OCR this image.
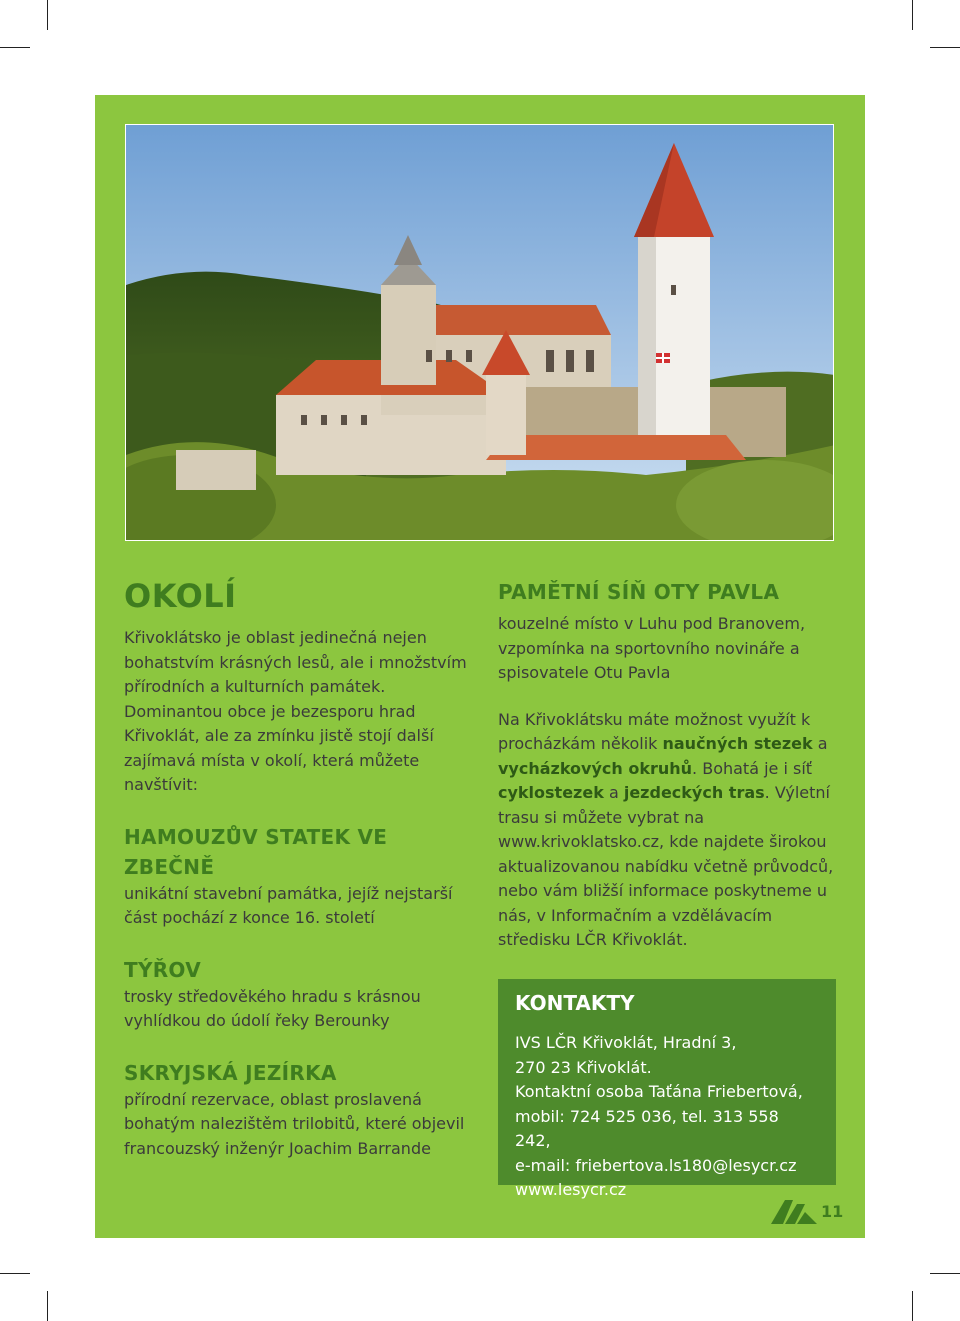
OKOLÍ

Křivoklátsko je oblast jedinečná nejen bohatstvím krásných lesů, ale i množstvím přírodních a kulturních památek. Dominantou obce je bezesporu hrad Křivoklát, ale za zmínku jistě stojí další zajímavá místa v okolí, která můžete navštívit:

HAMOUZŮV STATEK VE ZBEČNĚ

unikátní stavební památka, jejíž nejstarší část pochází z konce 16. století

TÝŘOV

trosky středověkého hradu s krásnou vyhlídkou do údolí řeky Berounky

SKRYJSKÁ JEZÍRKA

přírodní rezervace, oblast proslavená bohatým nalezištěm trilobitů, které objevil francouzský inženýr Joachim Barrande

PAMĚTNÍ SÍŇ OTY PAVLA

kouzelné místo v Luhu pod Branovem, vzpomínka na sportovního novináře a spisovatele Otu Pavla

Na Křivoklátsku máte možnost využít k procházkám několik naučných stezek a vycházkových okruhů. Bohatá je i síť cyklostezek a jezdeckých tras. Výletní trasu si můžete vybrat na www.krivoklatsko.cz, kde najdete širokou aktualizovanou nabídku včetně průvodců, nebo vám bližší informace poskytneme u nás, v Informačním a vzdělávacím středisku LČR Křivoklát.

KONTAKTY
IVS LČR Křivoklát, Hradní 3,
270 23 Křivoklát.
Kontaktní osoba Taťána Friebertová,
mobil: 724 525 036, tel. 313 558 242,
e-mail: friebertova.ls180@lesycr.cz
www.lesycr.cz
11
